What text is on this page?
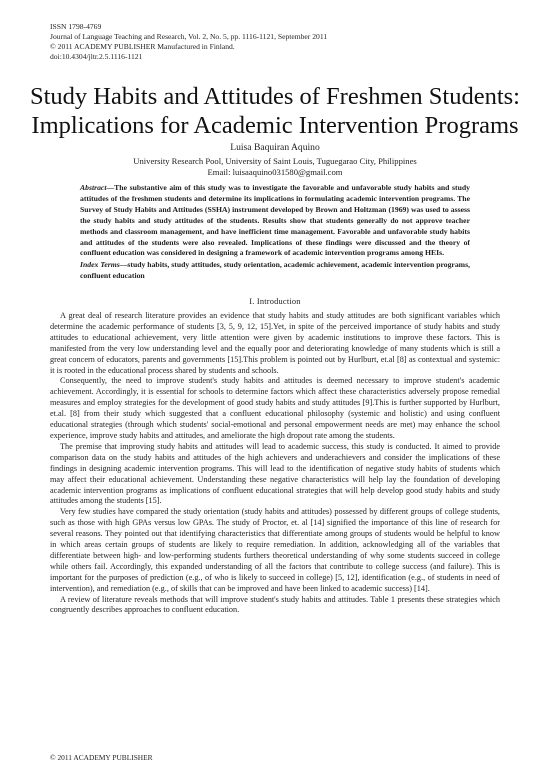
ISSN 1798-4769
Journal of Language Teaching and Research, Vol. 2, No. 5, pp. 1116-1121, September 2011
© 2011 ACADEMY PUBLISHER Manufactured in Finland.
doi:10.4304/jltr.2.5.1116-1121
Study Habits and Attitudes of Freshmen Students:
Implications for Academic Intervention Programs
Luisa Baquiran Aquino
University Research Pool, University of Saint Louis, Tuguegarao City, Philippines
Email: luisaaquino031580@gmail.com
Abstract—The substantive aim of this study was to investigate the favorable and unfavorable study habits and study attitudes of the freshmen students and determine its implications in formulating academic intervention programs. The Survey of Study Habits and Attitudes (SSHA) instrument developed by Brown and Holtzman (1969) was used to assess the study habits and study attitudes of the students. Results show that students generally do not approve teacher methods and classroom management, and have inefficient time management. Favorable and unfavorable study habits and attitudes of the students were also revealed. Implications of these findings were discussed and the theory of confluent education was considered in designing a framework of academic intervention programs among HEIs.
Index Terms—study habits, study attitudes, study orientation, academic achievement, academic intervention programs, confluent education
I. Introduction

A great deal of research literature provides an evidence that study habits and study attitudes are both significant variables which determine the academic performance of students [3, 5, 9, 12, 15].Yet, in spite of the perceived importance of study habits and study attitudes to educational achievement, very little attention were given by academic institutions to improve these factors. This is manifested from the very low understanding level and the equally poor and deteriorating knowledge of many students which is still a great concern of educators, parents and governments [15].This problem is pointed out by Hurlburt, et.al [8] as contextual and systemic: it is rooted in the educational process shared by students and schools.

Consequently, the need to improve student's study habits and attitudes is deemed necessary to improve student's academic achievement. Accordingly, it is essential for schools to determine factors which affect these characteristics adversely propose remedial measures and employ strategies for the development of good study habits and study attitudes [9].This is further supported by Hurlburt, et.al. [8] from their study which suggested that a confluent educational philosophy (systemic and holistic) and using confluent educational strategies (through which students' social-emotional and personal empowerment needs are met) may enhance the school experience, improve study habits and attitudes, and ameliorate the high dropout rate among the students.

The premise that improving study habits and attitudes will lead to academic success, this study is conducted. It aimed to provide comparison data on the study habits and attitudes of the high achievers and underachievers and consider the implications of these findings in designing academic intervention programs. This will lead to the identification of negative study habits of students which may affect their educational achievement. Understanding these negative characteristics will help lay the foundation of developing academic intervention programs as implications of confluent educational strategies that will help develop good study habits and study attitudes among the students [15].

Very few studies have compared the study orientation (study habits and attitudes) possessed by different groups of college students, such as those with high GPAs versus low GPAs. The study of Proctor, et. al [14] signified the importance of this line of research for several reasons. They pointed out that identifying characteristics that differentiate among groups of students would be helpful to know in which areas certain groups of students are likely to require remediation. In addition, acknowledging all of the variables that differentiate between high- and low-performing students furthers theoretical understanding of why some students succeed in college while others fail. Accordingly, this expanded understanding of all the factors that contribute to college success (and failure). This is important for the purposes of prediction (e.g., of who is likely to succeed in college) [5, 12], identification (e.g., of students in need of intervention), and remediation (e.g., of skills that can be improved and have been linked to academic success) [14].

A review of literature reveals methods that will improve student's study habits and attitudes. Table 1 presents these strategies which congruently describes approaches to confluent education.

© 2011 ACADEMY PUBLISHER
